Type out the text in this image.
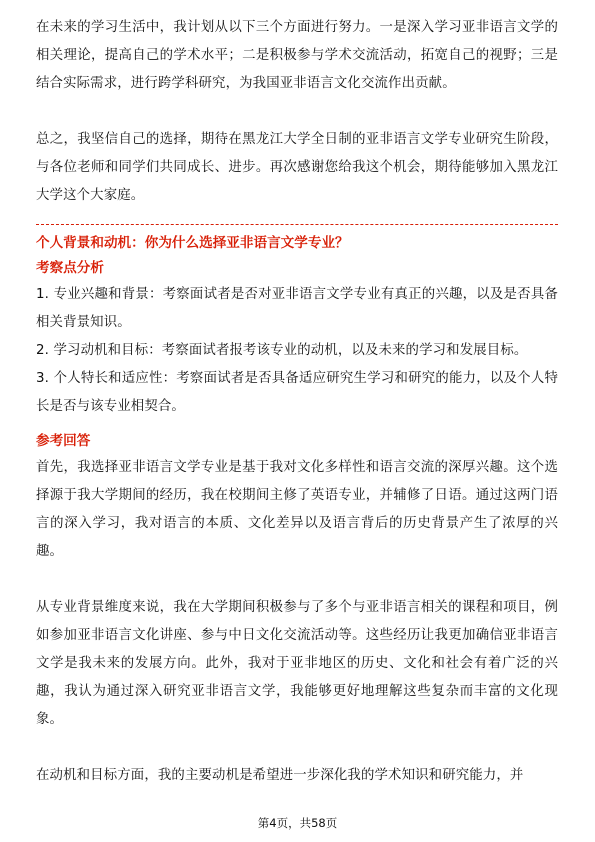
在未来的学习生活中，我计划从以下三个方面进行努力。一是深入学习亚非语言文学的相关理论，提高自己的学术水平；二是积极参与学术交流活动，拓宽自己的视野；三是结合实际需求，进行跨学科研究，为我国亚非语言文化交流作出贡献。

总之，我坚信自己的选择，期待在黑龙江大学全日制的亚非语言文学专业研究生阶段，与各位老师和同学们共同成长、进步。再次感谢您给我这个机会，期待能够加入黑龙江大学这个大家庭。

个人背景和动机：你为什么选择亚非语言文学专业？

考察点分析

1. 专业兴趣和背景：考察面试者是否对亚非语言文学专业有真正的兴趣，以及是否具备相关背景知识。

2. 学习动机和目标：考察面试者报考该专业的动机，以及未来的学习和发展目标。

3. 个人特长和适应性：考察面试者是否具备适应研究生学习和研究的能力，以及个人特长是否与该专业相契合。

参考回答

首先，我选择亚非语言文学专业是基于我对文化多样性和语言交流的深厚兴趣。这个选择源于我大学期间的经历，我在校期间主修了英语专业，并辅修了日语。通过这两门语言的深入学习，我对语言的本质、文化差异以及语言背后的历史背景产生了浓厚的兴趣。

从专业背景维度来说，我在大学期间积极参与了多个与亚非语言相关的课程和项目，例如参加亚非语言文化讲座、参与中日文化交流活动等。这些经历让我更加确信亚非语言文学是我未来的发展方向。此外，我对于亚非地区的历史、文化和社会有着广泛的兴趣，我认为通过深入研究亚非语言文学，我能够更好地理解这些复杂而丰富的文化现象。

在动机和目标方面，我的主要动机是希望进一步深化我的学术知识和研究能力，并

第4页，共58页
